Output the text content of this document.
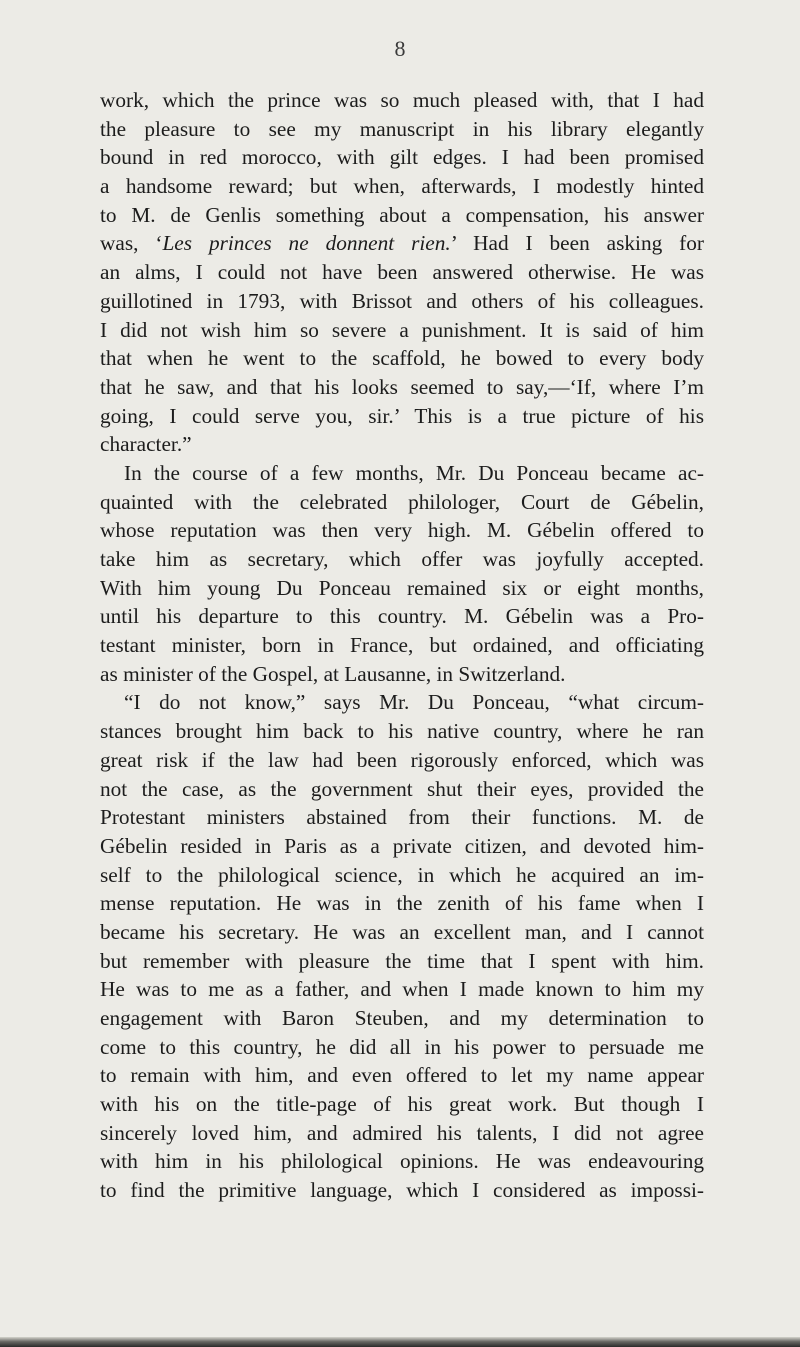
8
work, which the prince was so much pleased with, that I had
the pleasure to see my manuscript in his library elegantly
bound in red morocco, with gilt edges. I had been promised
a handsome reward; but when, afterwards, I modestly hinted
to M. de Genlis something about a compensation, his answer
was, ‘Les princes ne donnent rien.’ Had I been asking for
an alms, I could not have been answered otherwise. He was
guillotined in 1793, with Brissot and others of his colleagues.
I did not wish him so severe a punishment. It is said of him
that when he went to the scaffold, he bowed to every body
that he saw, and that his looks seemed to say,—‘If, where I’m
going, I could serve you, sir.’ This is a true picture of his
character.”
In the course of a few months, Mr. Du Ponceau became ac-
quainted with the celebrated philologer, Court de Gébelin,
whose reputation was then very high. M. Gébelin offered to
take him as secretary, which offer was joyfully accepted.
With him young Du Ponceau remained six or eight months,
until his departure to this country. M. Gébelin was a Pro-
testant minister, born in France, but ordained, and officiating
as minister of the Gospel, at Lausanne, in Switzerland.
“I do not know,” says Mr. Du Ponceau, “what circum-
stances brought him back to his native country, where he ran
great risk if the law had been rigorously enforced, which was
not the case, as the government shut their eyes, provided the
Protestant ministers abstained from their functions. M. de
Gébelin resided in Paris as a private citizen, and devoted him-
self to the philological science, in which he acquired an im-
mense reputation. He was in the zenith of his fame when I
became his secretary. He was an excellent man, and I cannot
but remember with pleasure the time that I spent with him.
He was to me as a father, and when I made known to him my
engagement with Baron Steuben, and my determination to
come to this country, he did all in his power to persuade me
to remain with him, and even offered to let my name appear
with his on the title-page of his great work. But though I
sincerely loved him, and admired his talents, I did not agree
with him in his philological opinions. He was endeavouring
to find the primitive language, which I considered as impossi-
